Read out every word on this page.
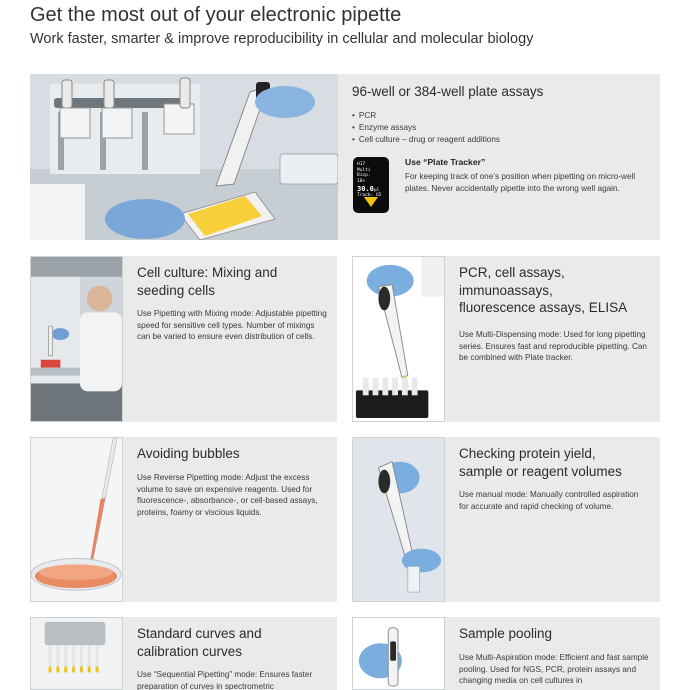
Get the most out of your electronic pipette
Work faster, smarter & improve reproducibility in cellular and molecular biology
96-well or 384-well plate assays
• PCR
• Enzyme assays
• Cell culture – drug or reagent additions
H17
Multi Disp.
10× 30.0µl
Track: G5
Use “Plate Tracker”
For keeping track of one’s position when pipetting on micro-well plates. Never accidentally pipette into the wrong well again.
Cell culture: Mixing and
seeding cells

Use Pipetting with Mixing mode: Adjustable pipetting speed for sensitive cell types. Number of mixings can be varied to ensure even distribution of cells.

PCR, cell assays,
immunoassays,
fluorescence assays, ELISA

Use Multi-Dispensing mode: Used for long pipetting series. Ensures fast and reproducible pipetting. Can be combined with Plate tracker.

Avoiding bubbles

Use Reverse Pipetting mode: Adjust the excess volume to save on expensive reagents. Used for fluorescence-, absorbance-, or cell-based assays, proteins, foamy or viscious liquids.

Checking protein yield,
sample or reagent volumes

Use manual mode: Manually controlled aspiration for accurate and rapid checking of volume.

Standard curves and
calibration curves

Use “Sequential Pipetting” mode: Ensures faster preparation of curves in spectrometric

Sample pooling

Use Multi-Aspiration mode: Efficient and fast sample pooling. Used for NGS, PCR, protein assays and changing media on cell cultures in
